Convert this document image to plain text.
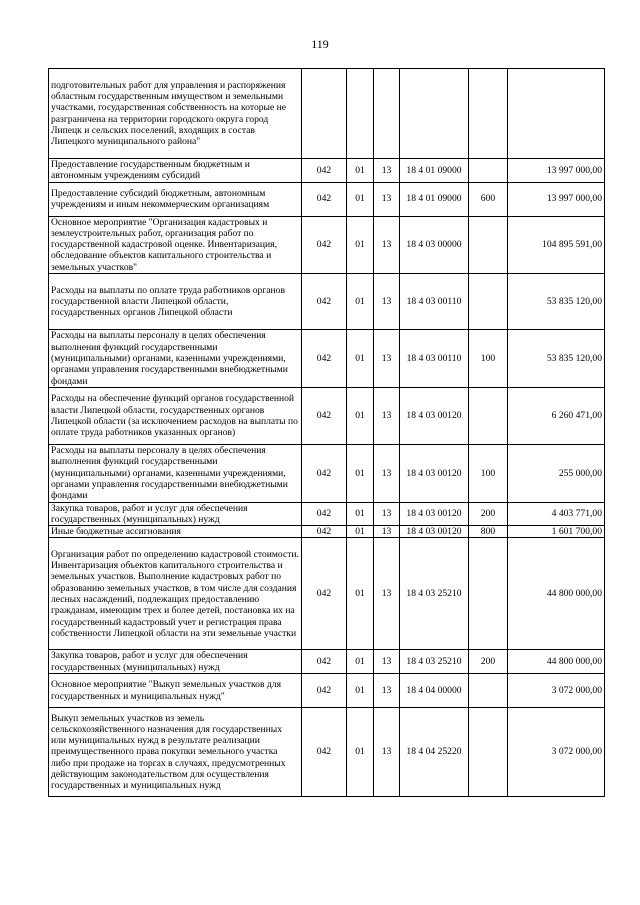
119
подготовительных работ для управления и распоряжения областным государственным имуществом и земельными участками, государственная собственность на которые не разграничена на территории городского округа город Липецк и сельских поселений, входящих в состав Липецкого муниципального района"						
Предоставление государственным бюджетным и автономным учреждениям субсидий	042	01	13	18 4 01 09000		13 997 000,00
Предоставление субсидий бюджетным, автономным учреждениям и иным некоммерческим организациям	042	01	13	18 4 01 09000	600	13 997 000,00
Основное мероприятие "Организация кадастровых и землеустроительных работ, организация работ по государственной кадастровой оценке. Инвентаризация, обследование объектов капитального строительства и земельных участков"	042	01	13	18 4 03 00000		104 895 591,00
Расходы на выплаты по оплате труда работников органов государственной власти Липецкой области, государственных органов Липецкой области	042	01	13	18 4 03 00110		53 835 120,00
Расходы на выплаты персоналу в целях обеспечения выполнения функций государственными (муниципальными) органами, казенными учреждениями, органами управления государственными внебюджетными фондами	042	01	13	18 4 03 00110	100	53 835 120,00
Расходы на обеспечение функций органов государственной власти Липецкой области, государственных органов Липецкой области (за исключением расходов на выплаты по оплате труда работников указанных органов)	042	01	13	18 4 03 00120		6 260 471,00
Расходы на выплаты персоналу в целях обеспечения выполнения функций государственными (муниципальными) органами, казенными учреждениями, органами управления государственными внебюджетными фондами	042	01	13	18 4 03 00120	100	255 000,00
Закупка товаров, работ и услуг для обеспечения государственных (муниципальных) нужд	042	01	13	18 4 03 00120	200	4 403 771,00
Иные бюджетные ассигнования	042	01	13	18 4 03 00120	800	1 601 700,00
Организация работ по определению кадастровой стоимости. Инвентаризация объектов капитального строительства и земельных участков. Выполнение кадастровых работ по образованию земельных участков, в том числе для создания лесных насаждений, подлежащих предоставлению гражданам, имеющим трех и более детей, постановка их на государственный кадастровый учет и регистрация права собственности Липецкой области на эти земельные участки	042	01	13	18 4 03 25210		44 800 000,00
Закупка товаров, работ и услуг для обеспечения государственных (муниципальных) нужд	042	01	13	18 4 03 25210	200	44 800 000,00
Основное мероприятие "Выкуп земельных участков для государственных и муниципальных нужд"	042	01	13	18 4 04 00000		3 072 000,00
Выкуп земельных участков из земель сельскохозяйственного назначения для государственных или муниципальных нужд в результате реализации преимущественного права покупки земельного участка либо при продаже на торгах в случаях, предусмотренных действующим законодательством для осуществления государственных и муниципальных нужд	042	01	13	18 4 04 25220		3 072 000,00
